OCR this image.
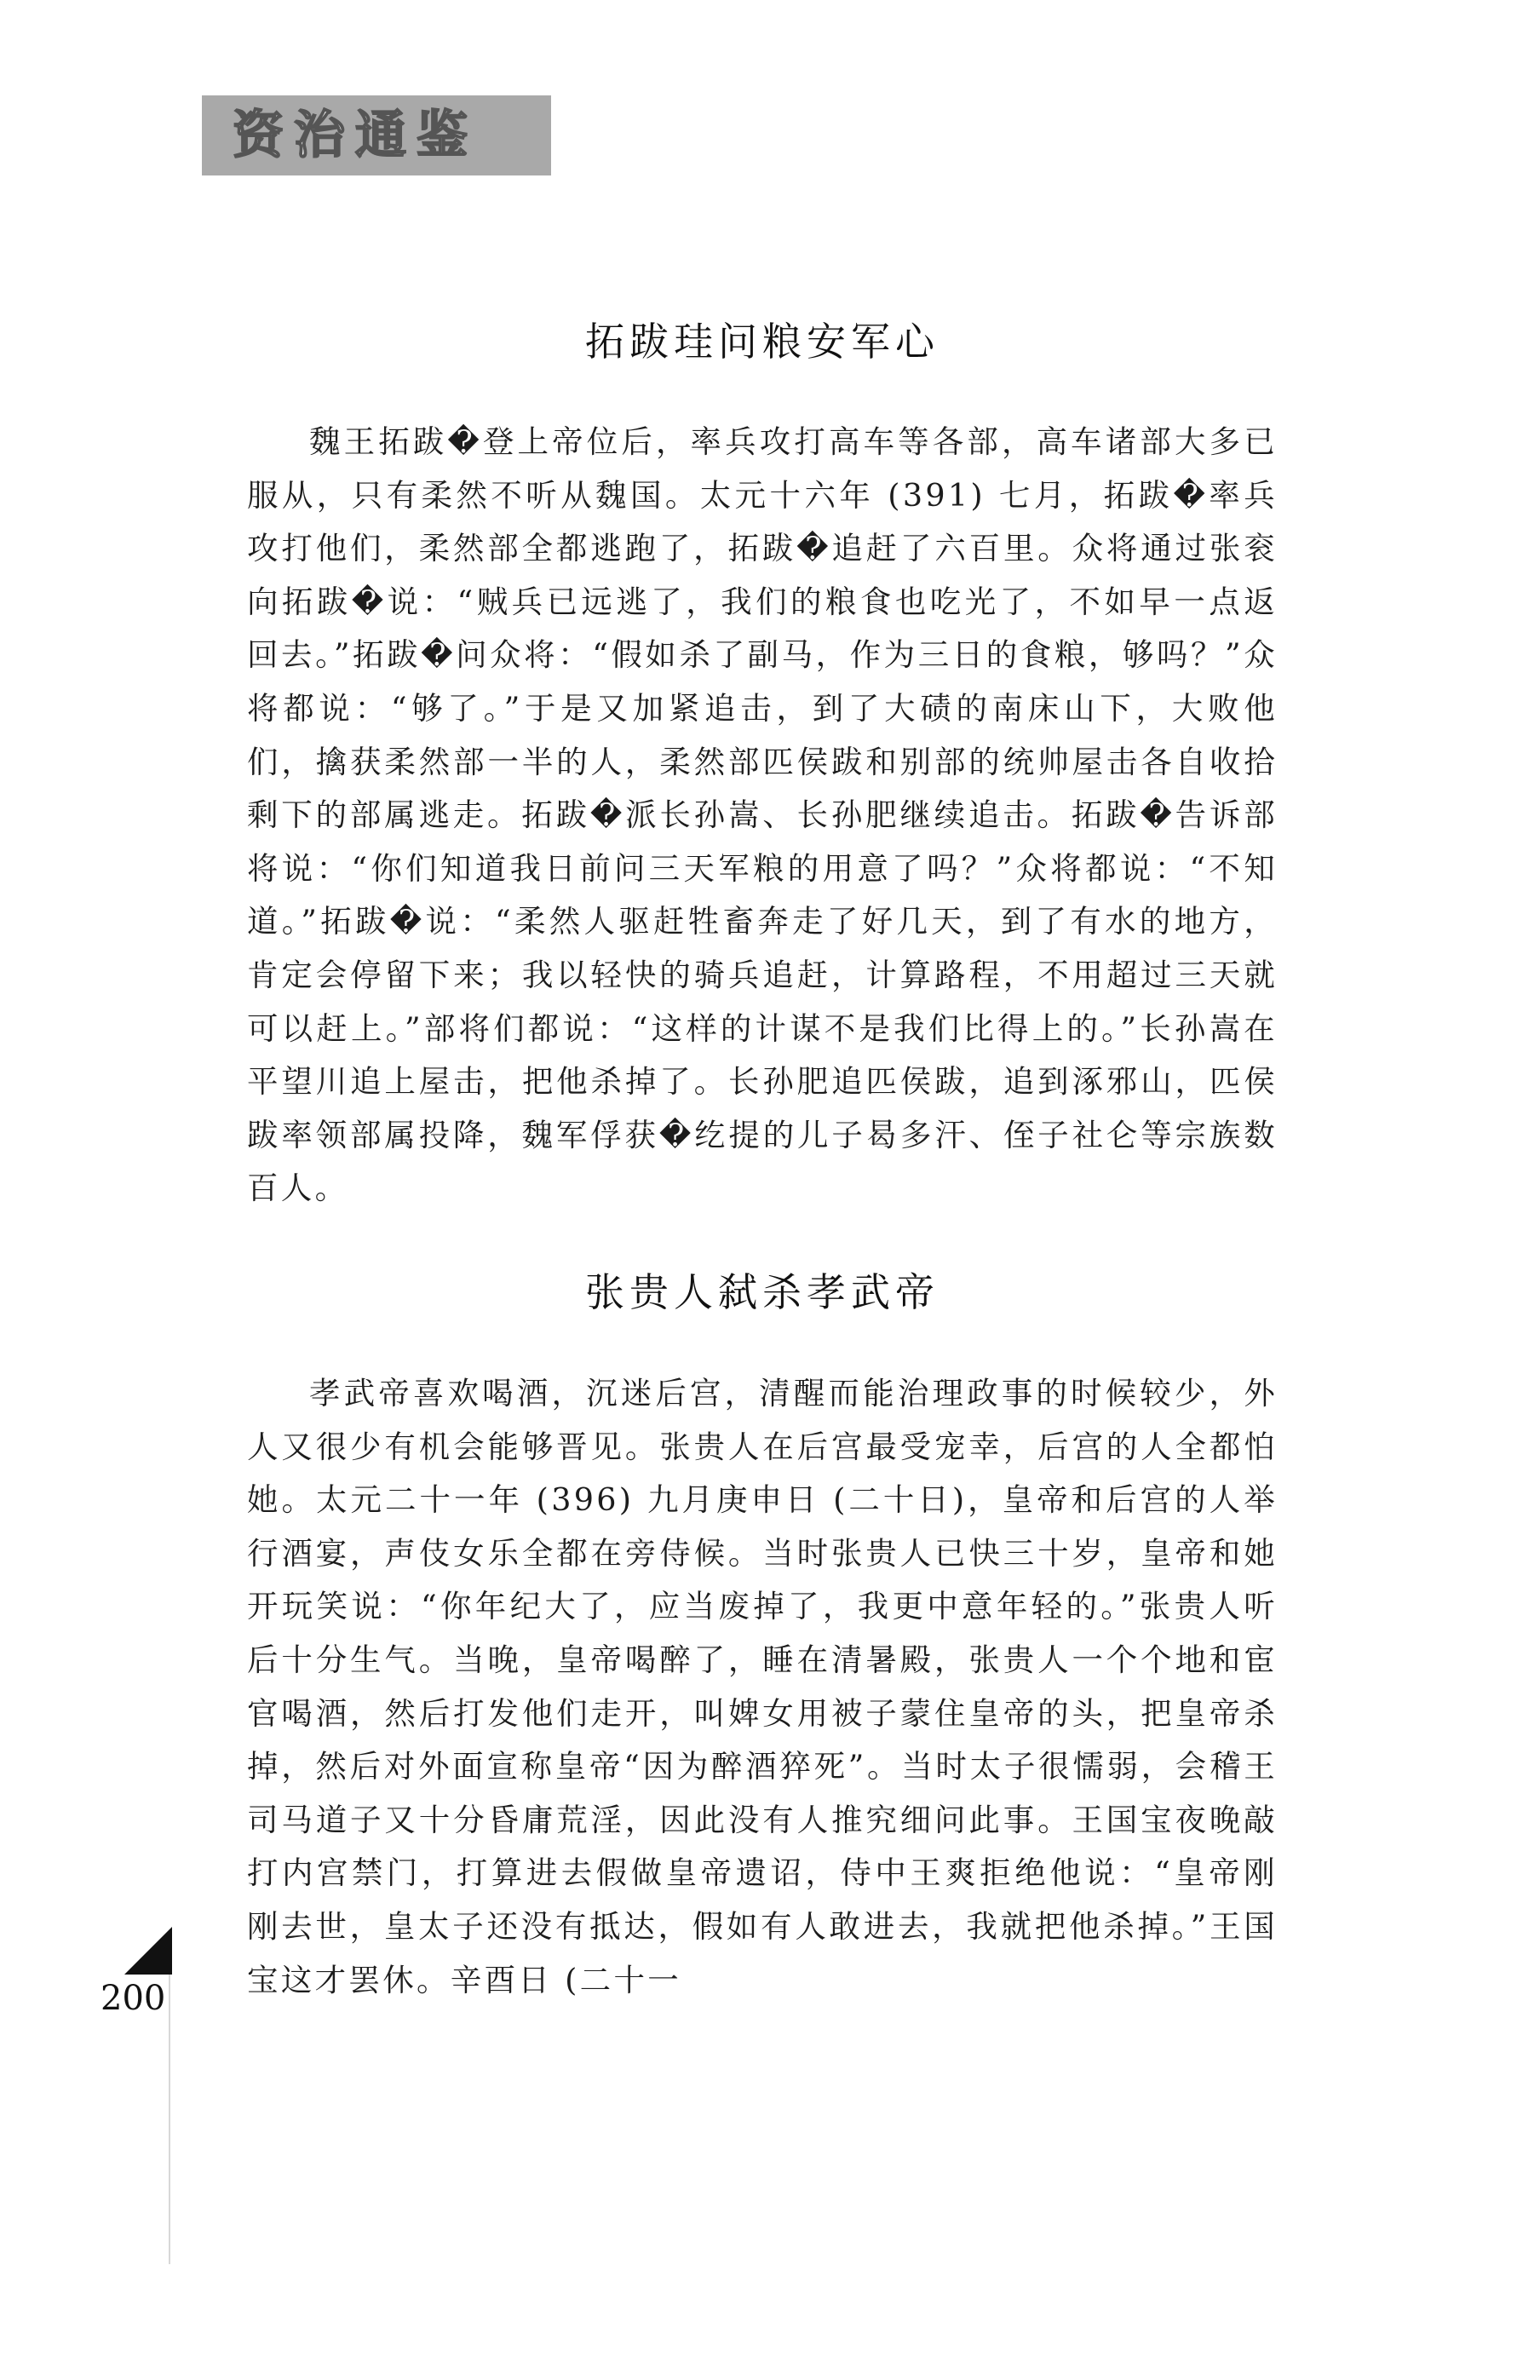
资治通鉴
拓跋珪问粮安军心

魏王拓跋�登上帝位后，率兵攻打高车等各部，高车诸部大多已服从，只有柔然不听从魏国。太元十六年 (391) 七月，拓跋�率兵攻打他们，柔然部全都逃跑了，拓跋�追赶了六百里。众将通过张衮向拓跋�说：“贼兵已远逃了，我们的粮食也吃光了，不如早一点返回去。”拓跋�问众将：“假如杀了副马，作为三日的食粮，够吗？”众将都说：“够了。”于是又加紧追击，到了大碛的南床山下，大败他们，擒获柔然部一半的人，柔然部匹侯跋和别部的统帅屋击各自收拾剩下的部属逃走。拓跋�派长孙嵩、长孙肥继续追击。拓跋�告诉部将说：“你们知道我日前问三天军粮的用意了吗？”众将都说：“不知道。”拓跋�说：“柔然人驱赶牲畜奔走了好几天，到了有水的地方，肯定会停留下来；我以轻快的骑兵追赶，计算路程，不用超过三天就可以赶上。”部将们都说：“这样的计谋不是我们比得上的。”长孙嵩在平望川追上屋击，把他杀掉了。长孙肥追匹侯跋，追到涿邪山，匹侯跋率领部属投降，魏军俘获�纥提的儿子曷多汗、侄子社仑等宗族数百人。

张贵人弑杀孝武帝

孝武帝喜欢喝酒，沉迷后宫，清醒而能治理政事的时候较少，外人又很少有机会能够晋见。张贵人在后宫最受宠幸，后宫的人全都怕她。太元二十一年 (396) 九月庚申日 (二十日)，皇帝和后宫的人举行酒宴，声伎女乐全都在旁侍候。当时张贵人已快三十岁，皇帝和她开玩笑说：“你年纪大了，应当废掉了，我更中意年轻的。”张贵人听后十分生气。当晚，皇帝喝醉了，睡在清暑殿，张贵人一个个地和宦官喝酒，然后打发他们走开，叫婢女用被子蒙住皇帝的头，把皇帝杀掉，然后对外面宣称皇帝“因为醉酒猝死”。当时太子很懦弱，会稽王司马道子又十分昏庸荒淫，因此没有人推究细问此事。王国宝夜晚敲打内宫禁门，打算进去假做皇帝遗诏，侍中王爽拒绝他说：“皇帝刚刚去世，皇太子还没有抵达，假如有人敢进去，我就把他杀掉。”王国宝这才罢休。辛酉日 (二十一

200
